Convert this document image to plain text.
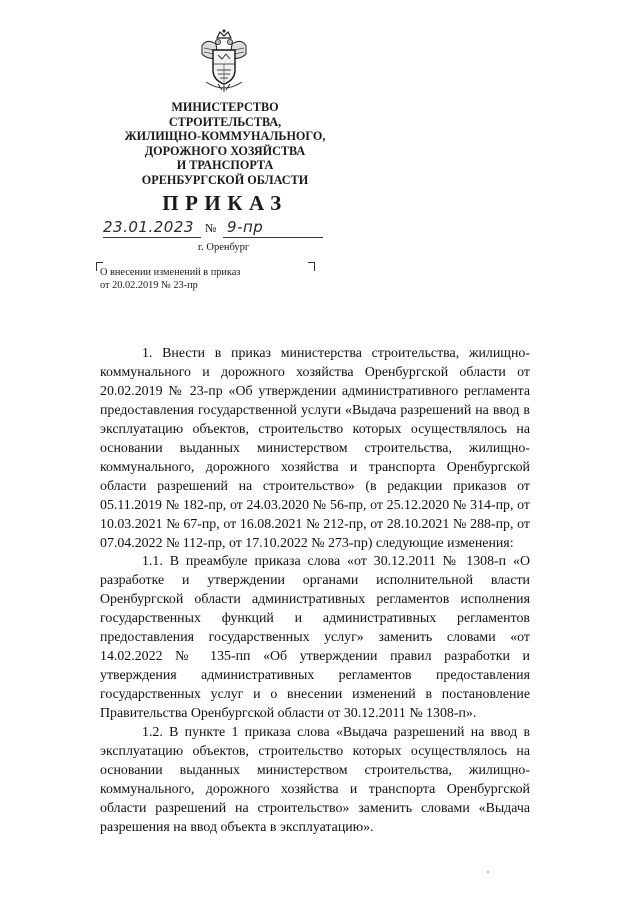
МИНИСТЕРСТВО
СТРОИТЕЛЬСТВА,
ЖИЛИЩНО-КОММУНАЛЬНОГО,
ДОРОЖНОГО ХОЗЯЙСТВА
И ТРАНСПОРТА
ОРЕНБУРГСКОЙ ОБЛАСТИ
ПРИКАЗ
23.01.2023 № 9-пр
г. Оренбург
О внесении изменений в приказ
от 20.02.2019 № 23-пр

1. Внести в приказ министерства строительства, жилищно-коммунального и дорожного хозяйства Оренбургской области от 20.02.2019 № 23-пр «Об утверждении административного регламента предоставления государственной услуги «Выдача разрешений на ввод в эксплуатацию объектов, строительство которых осуществлялось на основании выданных министерством строительства, жилищно-коммунального, дорожного хозяйства и транспорта Оренбургской области разрешений на строительство» (в редакции приказов от 05.11.2019 № 182-пр, от 24.03.2020 № 56-пр, от 25.12.2020 № 314-пр, от 10.03.2021 № 67-пр, от 16.08.2021 № 212-пр, от 28.10.2021 № 288-пр, от 07.04.2022 № 112-пр, от 17.10.2022 № 273-пр) следующие изменения:

1.1. В преамбуле приказа слова «от 30.12.2011 № 1308-п «О разработке и утверждении органами исполнительной власти Оренбургской области административных регламентов исполнения государственных функций и административных регламентов предоставления государственных услуг» заменить словами «от 14.02.2022 № 135-пп «Об утверждении правил разработки и утверждения административных регламентов предоставления государственных услуг и о внесении изменений в постановление Правительства Оренбургской области от 30.12.2011 № 1308-п».

1.2. В пункте 1 приказа слова «Выдача разрешений на ввод в эксплуатацию объектов, строительство которых осуществлялось на основании выданных министерством строительства, жилищно-коммунального, дорожного хозяйства и транспорта Оренбургской области разрешений на строительство» заменить словами «Выдача разрешения на ввод объекта в эксплуатацию».
